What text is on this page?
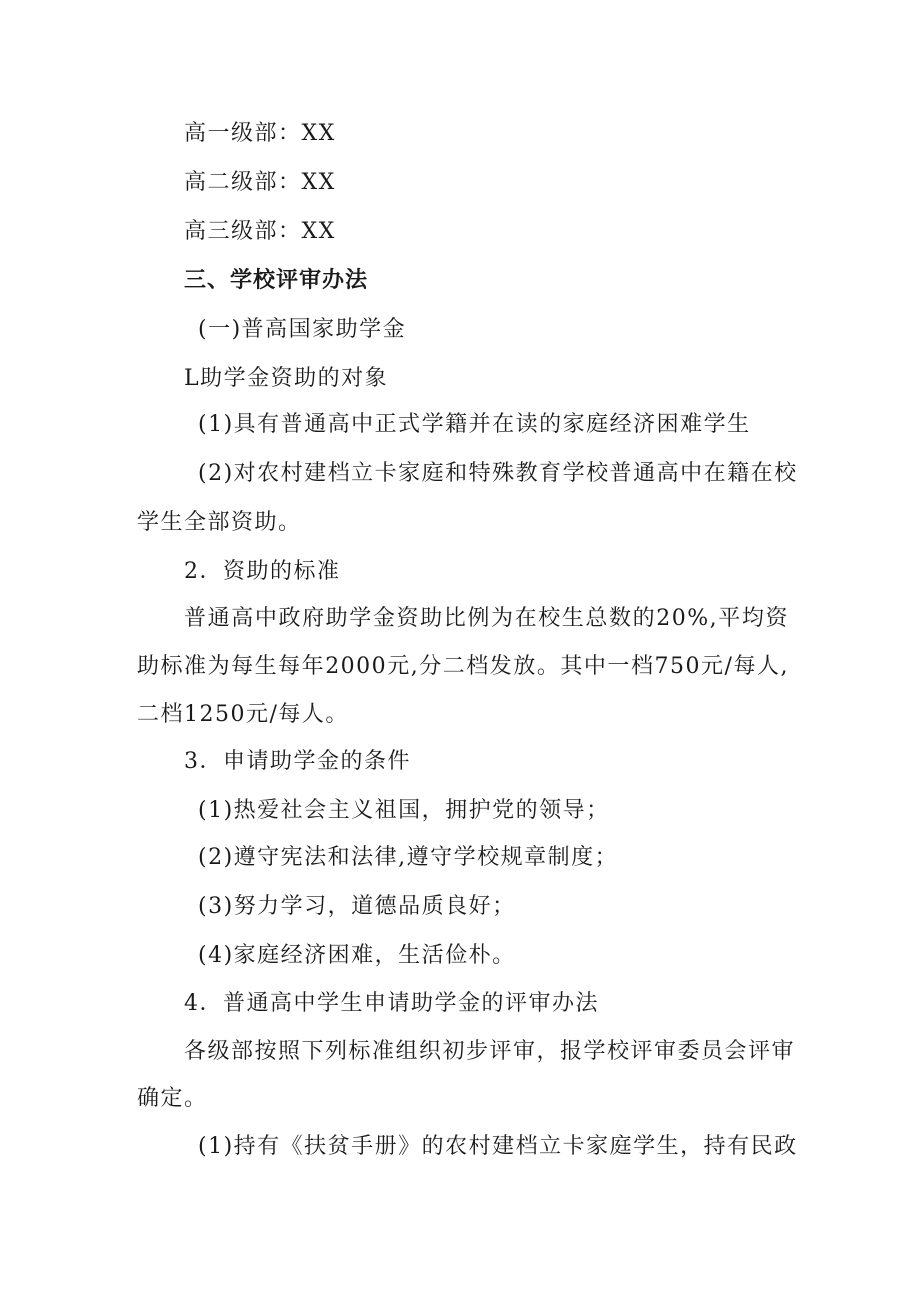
高一级部：XX

高二级部：XX

高三级部：XX

三、学校评审办法

(一)普高国家助学金

L助学金资助的对象

(1)具有普通高中正式学籍并在读的家庭经济困难学生

(2)对农村建档立卡家庭和特殊教育学校普通高中在籍在校

学生全部资助。

2．资助的标准

普通高中政府助学金资助比例为在校生总数的20%,平均资

助标准为每生每年2000元,分二档发放。其中一档750元/每人,

二档1250元/每人。

3．申请助学金的条件

(1)热爱社会主义祖国，拥护党的领导；

(2)遵守宪法和法律,遵守学校规章制度；

(3)努力学习，道德品质良好；

(4)家庭经济困难，生活俭朴。

4．普通高中学生申请助学金的评审办法

各级部按照下列标准组织初步评审，报学校评审委员会评审

确定。

(1)持有《扶贫手册》的农村建档立卡家庭学生，持有民政
